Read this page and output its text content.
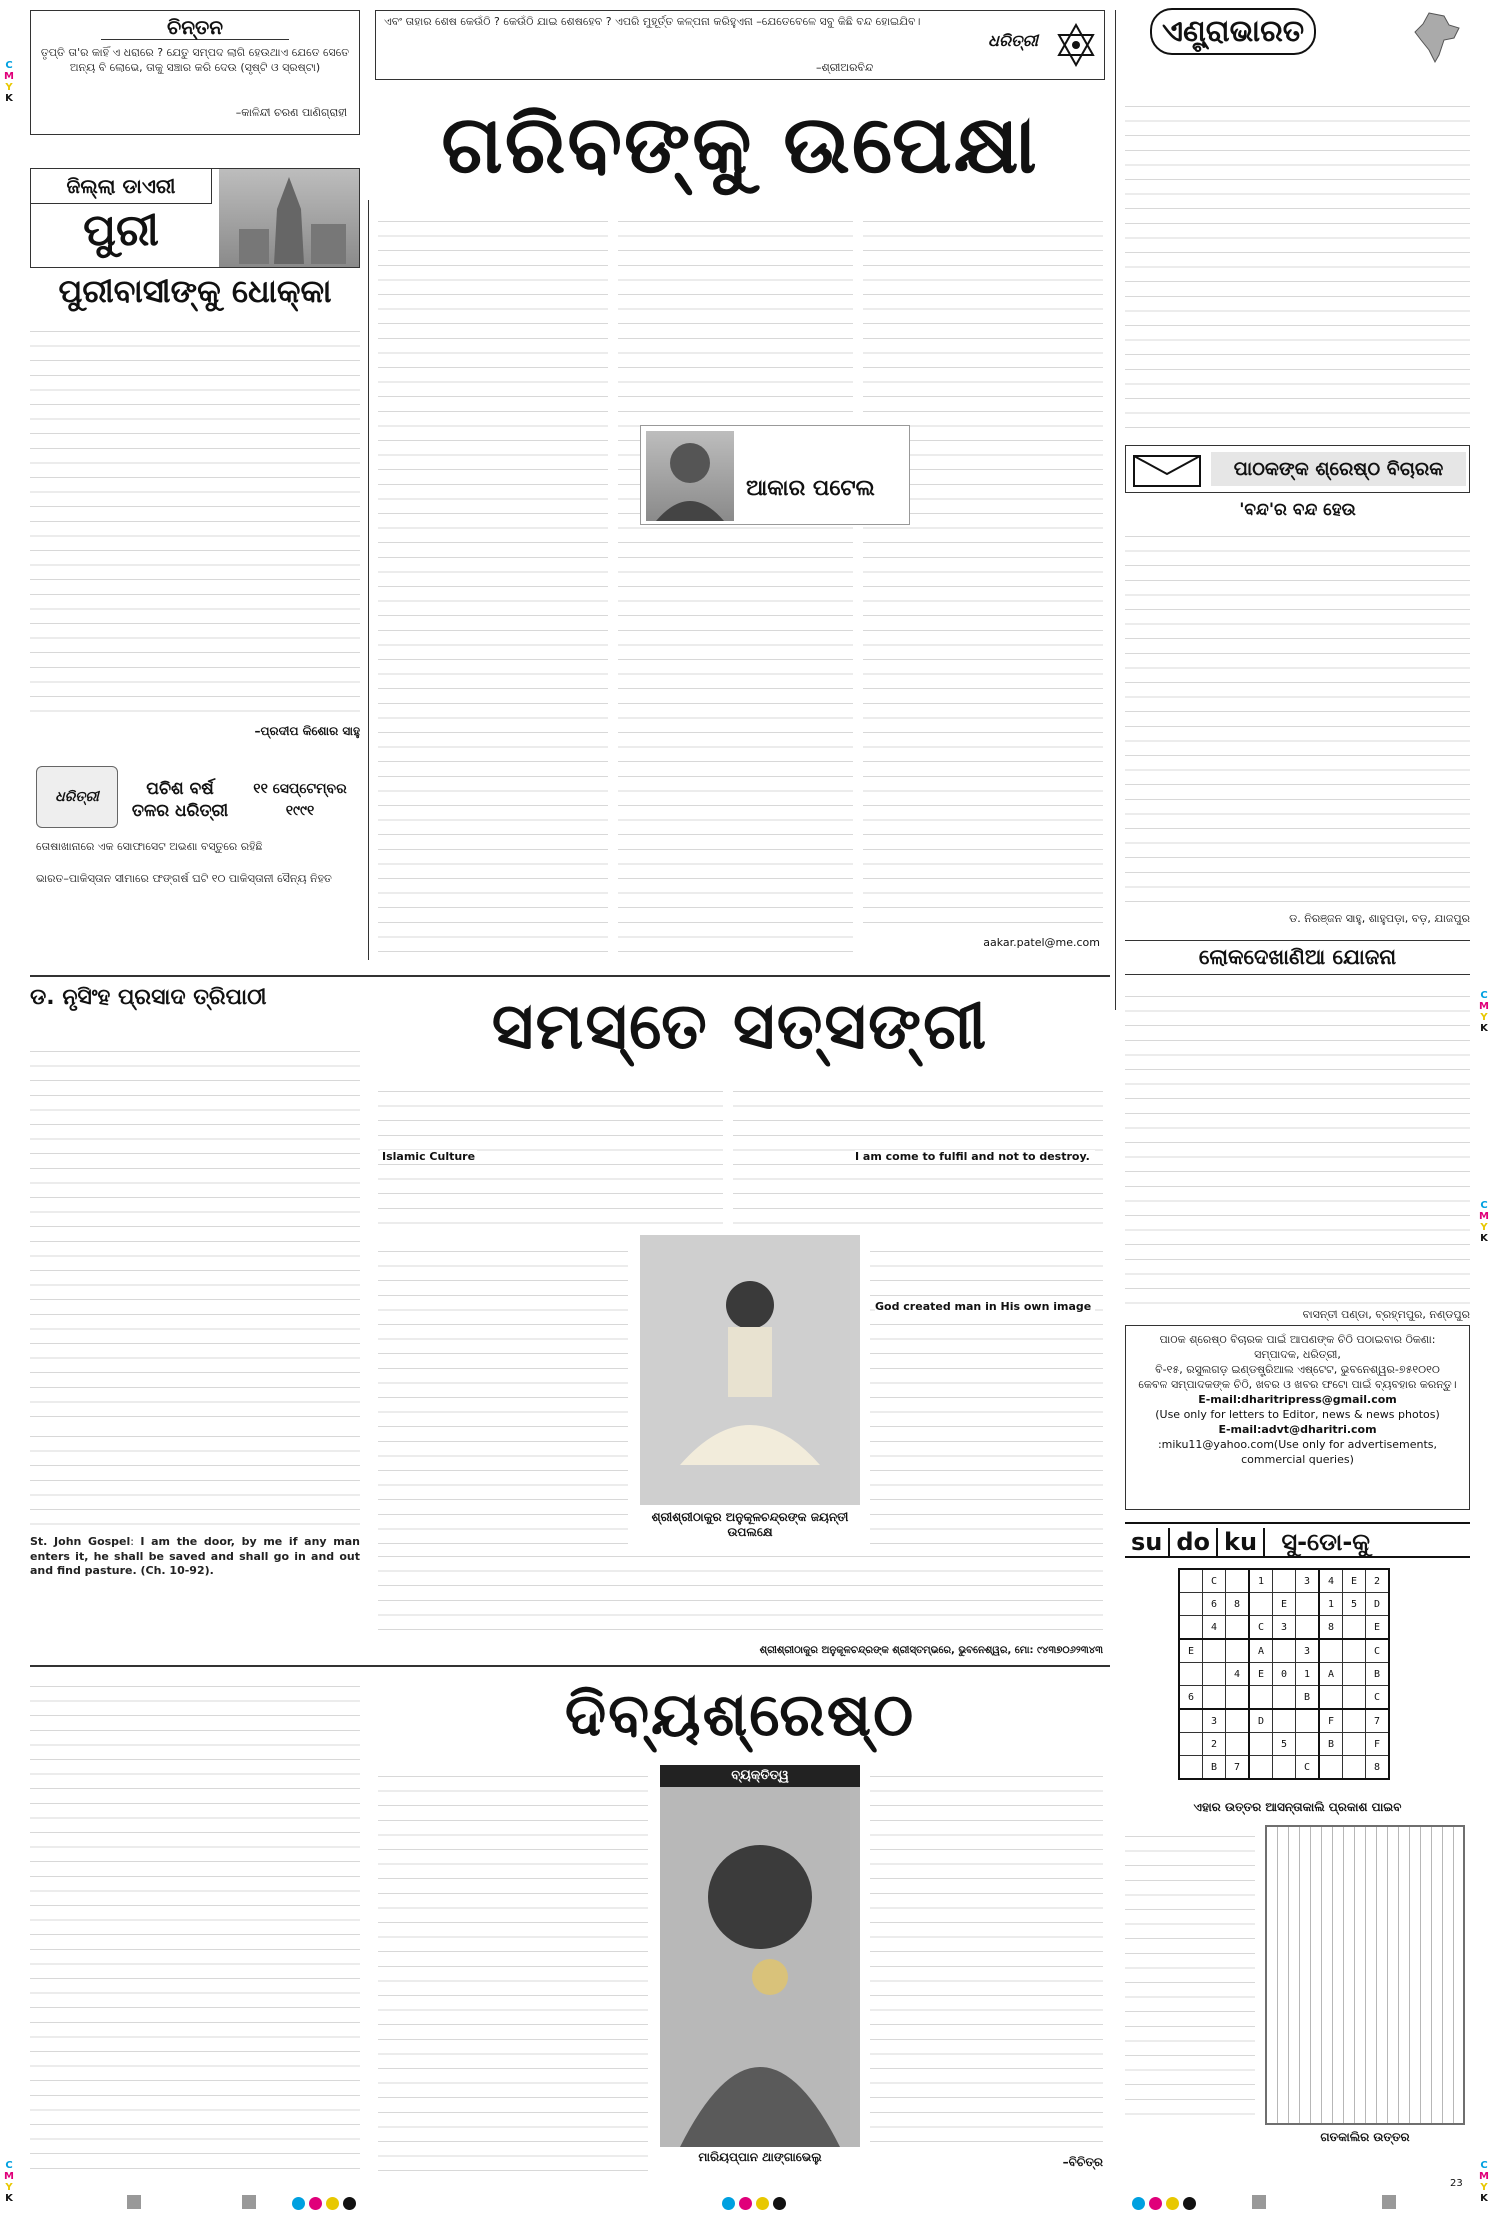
C
M
Y
K
C
M
Y
K
C
M
Y
K
C
M
Y
K
C
M
Y
K
ଚିନ୍ତନ
ତୃପ୍ତି ତା'ର କାହିଁ ଏ ଧରାରେ ? ଯେତୁ ସମ୍ପଦ ଲାଗି ହେଉଥାଏ ଯେତେ ସେତେ ଅନ୍ୟ ବି ଲୋଭେ, ତାକୁ ସଞ୍ଚାର କରି ଦେଉ (ସୃଷ୍ଟି ଓ ସ୍ରଷ୍ଟା)
–କାଳିନ୍ଦୀ ଚରଣ ପାଣିଗ୍ରାହୀ
ଏବଂ ତାହାର ଶେଷ କେଉଁଠି ? କେଉଁଠି ଯାଇ ଶେଷହେବ ? ଏପରି ମୁହୂର୍ତ୍ତ କଳ୍ପନା କରିହୁଏନା –ଯେତେବେଳେ ସବୁ କିଛି ବନ୍ଦ ହୋଇଯିବ।
–ଶ୍ରୀଅରବିନ୍ଦ
ଧରିତ୍ରୀ	ଏଣ୍ଟ୍ରାଭାରତ
ଗରିବଙ୍କୁ ଉପେକ୍ଷା
ଜିଲ୍ଲା ଡାଏରୀ
ପୁରୀ
ପୁରୀବାସୀଙ୍କୁ ଧୋକ୍କା
–ପ୍ରଦୀପ କିଶୋର ସାହୁ
ଧରିତ୍ରୀ	ପଚିଶ ବର୍ଷ ତଳର ଧରିତ୍ରୀ
୧୧ ସେପ୍ଟେମ୍ବର ୧୯୯୧
ତୋଷାଖାନାରେ ଏକ ସୋଫାସେଟ ଅଭଣା ବସ୍ତୁରେ ରହିଛି
ଭାରତ–ପାକିସ୍ତାନ ସୀମାରେ ଫଙ୍ଗର୍ଷ ଘଟି ୧୦ ପାକିସ୍ତାନୀ ସୈନ୍ୟ ନିହତ
ଆକାର ପଟେଲ
aakar.patel@me.com
ପାଠକଙ୍କ ଶ୍ରେଷ୍ଠ ବିଚାରକ
'ବନ୍ଦ'ର ବନ୍ଦ ହେଉ
ଡ. ନିରଞ୍ଜନ ସାହୁ, ଶାହୁପଡ଼ା, ବଡ଼, ଯାଜପୁର
ଲୋକଦେଖାଣିଆ ଯୋଜନା
ବାସନ୍ତୀ ପଣ୍ଡା, ବ୍ରହ୍ମପୁର, ନଣ୍ଡପୁର
ଡ. ନୃସିଂହ ପ୍ରସାଦ ତ୍ରିପାଠୀ	ସମସ୍ତେ ସତ୍‌ସଙ୍ଗୀ
St. John Gospel: I am the door, by me if any man enters it, he shall be saved and shall go in and out and find pasture. (Ch. 10-92).
Islamic Culture	I am come to fulfil and not to destroy.
ଶ୍ରୀଶ୍ରୀଠାକୁର ଅନୁକୂଳଚନ୍ଦ୍ରଙ୍କ ଜୟନ୍ତୀ ଉପଲକ୍ଷେ
God created man in His own image
ଶ୍ରୀଶ୍ରୀଠାକୁର ଅନୁକୂଳଚନ୍ଦ୍ରଙ୍କ ଶ୍ରୀସ୍ତମ୍ଭରେ, ଭୁବନେଶ୍ୱର, ମୋ: ୯୪୩୭୦୬୨୩୪୩
ପାଠକ ଶ୍ରେଷ୍ଠ ବିଚାରକ ପାଇଁ ଆପଣଙ୍କ ଚିଠି ପଠାଇବାର ଠିକଣା:
ସମ୍ପାଦକ, ଧରିତ୍ରୀ,
ବି-୧୫, ରସୁଲଗଡ଼ ଇଣ୍ଡଷ୍ଟ୍ରିଆଲ ଏଷ୍ଟେଟ, ଭୁବନେଶ୍ୱର-୭୫୧୦୧୦
କେବଳ ସମ୍ପାଦକଙ୍କ ଚିଠି, ଖବର ଓ ଖବର ଫଟୋ ପାଇଁ ବ୍ୟବହାର କରନ୍ତୁ।
E-mail:dharitripress@gmail.com
(Use only for letters to Editor, news & news photos)
E-mail:advt@dharitri.com
:miku11@yahoo.com(Use only for advertisements, commercial queries)
su do ku ସୁ-ଡୋ-କୁ
	C		1		3	4	E	2
	6	8		E		1	5	D
	4		C	3		8		E
E			A		3			C
		4	E	0	1	A		B
6					B			C
	3		D			F		7
	2			5		B		F
	B	7			C			8
ଏହାର ଉତ୍ତର ଆସନ୍ତାକାଲି ପ୍ରକାଶ ପାଇବ
ଗତକାଲିର ଉତ୍ତର
ଦିବ୍ୟଶ୍ରେଷ୍ଠ
ବ୍ୟକ୍ତିତ୍ୱ
ମାରିୟପ୍ପାନ ଥାଙ୍ଗାଭେଲୁ	–ବିଚିତ୍ର
23
